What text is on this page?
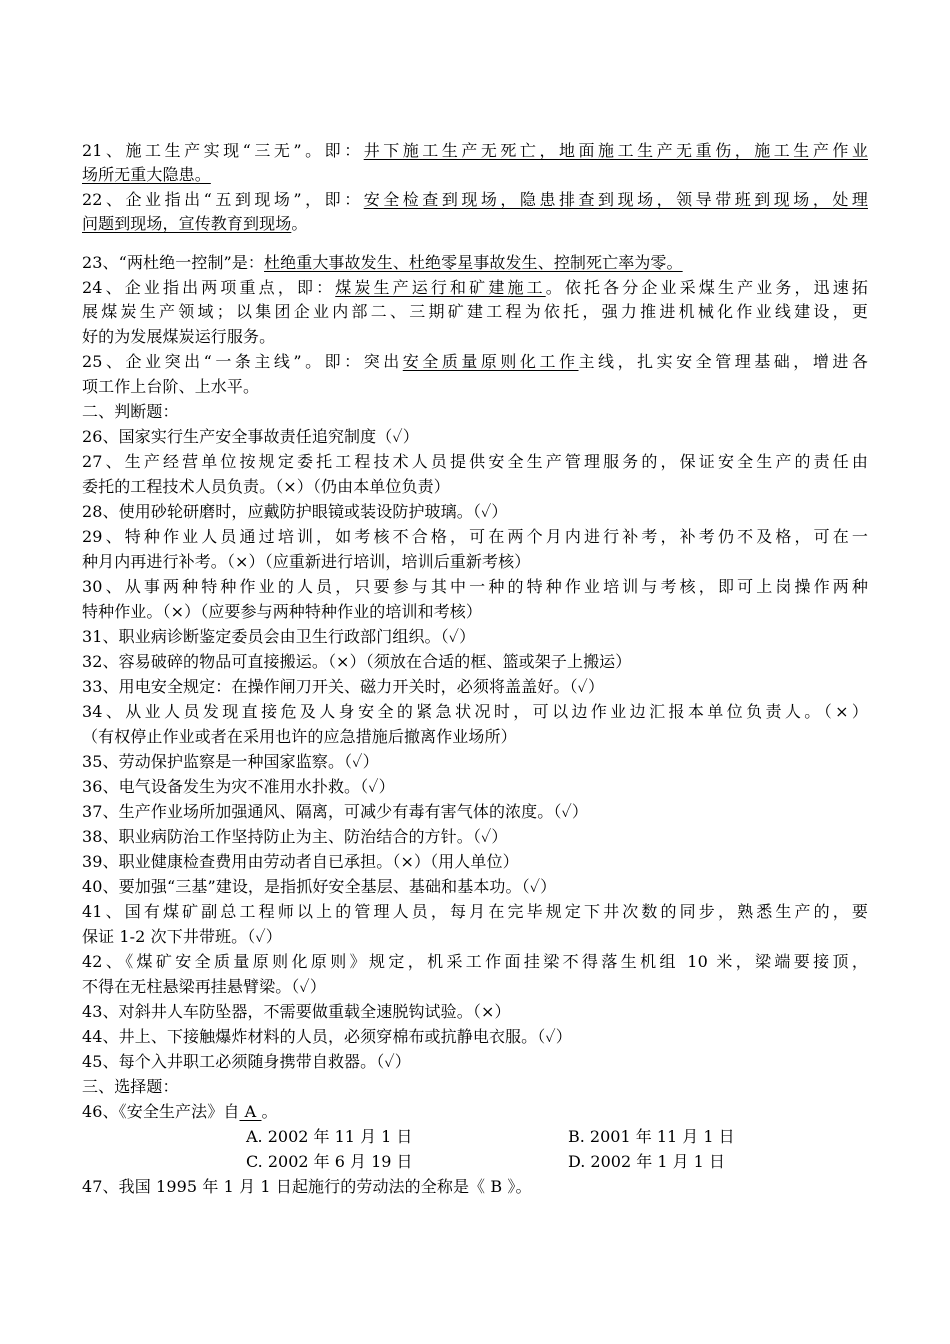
21、施工生产实现“三无”。即：井下施工生产无死亡，地面施工生产无重伤，施工生产作业
场所无重大隐患。
22、企业指出“五到现场”，即：安全检查到现场，隐患排查到现场，领导带班到现场，处理
问题到现场，宣传教育到现场。
23、“两杜绝一控制”是：杜绝重大事故发生、杜绝零星事故发生、控制死亡率为零。
24、企业指出两项重点，即：煤炭生产运行和矿建施工。依托各分企业采煤生产业务，迅速拓
展煤炭生产领域；以集团企业内部二、三期矿建工程为依托，强力推进机械化作业线建设，更
好的为发展煤炭运行服务。
25、企业突出“一条主线”。即：突出安全质量原则化工作主线，扎实安全管理基础，增进各
项工作上台阶、上水平。
二、判断题：
26、国家实行生产安全事故责任追究制度（✓）
27、生产经营单位按规定委托工程技术人员提供安全生产管理服务的，保证安全生产的责任由
委托的工程技术人员负责。（×）（仍由本单位负责）
28、使用砂轮研磨时，应戴防护眼镜或装设防护玻璃。（✓）
29、特种作业人员通过培训，如考核不合格，可在两个月内进行补考，补考仍不及格，可在一
种月内再进行补考。（×）（应重新进行培训，培训后重新考核）
30、从事两种特种作业的人员，只要参与其中一种的特种作业培训与考核，即可上岗操作两种
特种作业。（×）（应要参与两种特种作业的培训和考核）
31、职业病诊断鉴定委员会由卫生行政部门组织。（✓）
32、容易破碎的物品可直接搬运。（×）（须放在合适的框、篮或架子上搬运）
33、用电安全规定：在操作闸刀开关、磁力开关时，必须将盖盖好。（✓）
34、从业人员发现直接危及人身安全的紧急状况时，可以边作业边汇报本单位负责人。（×）
（有权停止作业或者在采用也许的应急措施后撤离作业场所）
35、劳动保护监察是一种国家监察。（✓）
36、电气设备发生为灾不准用水扑救。（✓）
37、生产作业场所加强通风、隔离，可减少有毒有害气体的浓度。（✓）
38、职业病防治工作坚持防止为主、防治结合的方针。（✓）
39、职业健康检查费用由劳动者自已承担。（×）（用人单位）
40、要加强“三基”建设，是指抓好安全基层、基础和基本功。（✓）
41、国有煤矿副总工程师以上的管理人员，每月在完毕规定下井次数的同步，熟悉生产的，要
保证 1-2 次下井带班。（✓）
42、《煤矿安全质量原则化原则》规定，机采工作面挂梁不得落生机组 10 米，梁端要接顶，
不得在无柱悬梁再挂悬臂梁。（✓）
43、对斜井人车防坠器，不需要做重载全速脱钩试验。（×）
44、井上、下接触爆炸材料的人员，必须穿棉布或抗静电衣服。（✓）
45、每个入井职工必须随身携带自救器。（✓）
三、选择题：
46、《安全生产法》自 A 。
A. 2002 年 11 月 1 日	B. 2001 年 11 月 1 日
C. 2002 年 6 月 19 日	D. 2002 年 1 月 1 日
47、我国 1995 年 1 月 1 日起施行的劳动法的全称是《 B 》。
